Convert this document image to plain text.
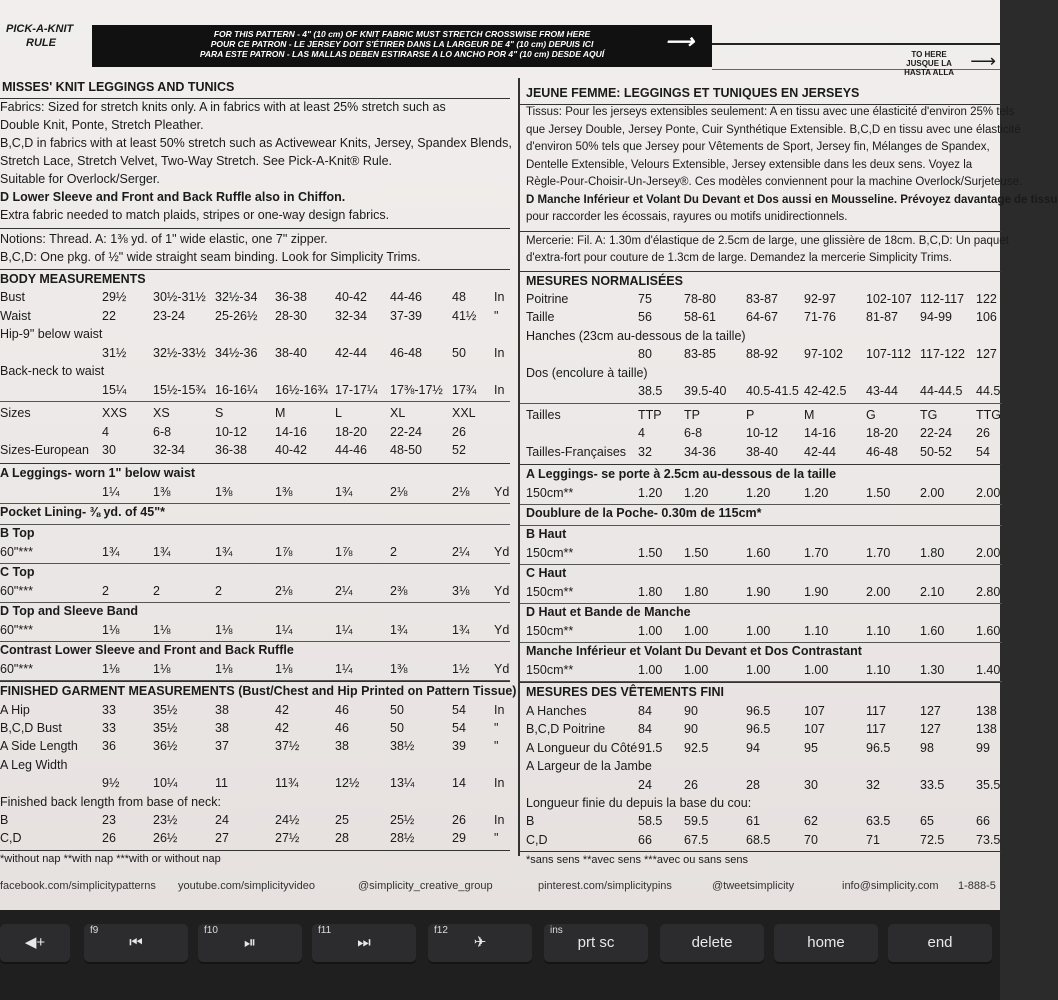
PICK-A-KNIT
RULE
FOR THIS PATTERN - 4" (10 cm) OF KNIT FABRIC MUST STRETCH CROSSWISE FROM HERE
POUR CE PATRON - LE JERSEY DOIT S'ÉTIRER DANS LA LARGEUR DE 4" (10 cm) DEPUIS ICI
PARA ESTE PATRON - LAS MALLAS DEBEN ESTIRARSE A LO ANCHO POR 4" (10 cm) DESDE AQUÍ
⟶
TO HERE
JUSQUE LA
HASTA ALLA
⟶
MISSES' KNIT LEGGINGS AND TUNICS
Fabrics: Sized for stretch knits only. A in fabrics with at least 25% stretch such as
Double Knit, Ponte, Stretch Pleather.
B,C,D in fabrics with at least 50% stretch such as Activewear Knits, Jersey, Spandex Blends,
Stretch Lace, Stretch Velvet, Two-Way Stretch. See Pick-A-Knit® Rule.
Suitable for Overlock/Serger.
D Lower Sleeve and Front and Back Ruffle also in Chiffon.
Extra fabric needed to match plaids, stripes or one-way design fabrics.
Notions: Thread. A: 1⅜ yd. of 1" wide elastic, one 7" zipper.
B,C,D: One pkg. of ½" wide straight seam binding. Look for Simplicity Trims.
BODY MEASUREMENTS
Bust	29½ 30½-31½ 32½-34 36-38 40-42 44-46 48 In
Waist	22	23-24 25-26½ 28-30 32-34 37-39 41½ "
Hip-9" below waist
31½ 32½-33½ 34½-36 38-40 42-44 46-48 50 In
Back-neck to waist
15¼ 15½-15¾ 16-16¼ 16½-16¾ 17-17¼ 17⅜-17½ 17¾ In
Sizes	XXS XS	S	M	L	XL	XXL
4	6-8	10-12 14-16 18-20 22-24 26
Sizes-European 30	32-34 36-38 40-42 44-46 48-50 52
A Leggings- worn 1" below waist
1¼	1⅜	1⅜	1⅜	1¾	2⅛	2⅛ Yd
Pocket Lining- ⅜ yd. of 45"*
B Top
60"***	1¾	1¾	1¾	1⅞	1⅞	2	2¼ Yd
C Top
60"***	2	2	2	2⅛	2¼	2⅜	3⅛ Yd
D Top and Sleeve Band
60"***	1⅛	1⅛	1⅛	1¼	1¼	1¾	1¾ Yd
Contrast Lower Sleeve and Front and Back Ruffle
60"***	1⅛	1⅛	1⅛	1⅛	1¼	1⅜	1½ Yd
FINISHED GARMENT MEASUREMENTS (Bust/Chest and Hip Printed on Pattern Tissue)
A Hip	33	35½	38	42	46	50	54 In
B,C,D Bust	33	35½	38	42	46	50	54 "
A Side Length 36	36½	37	37½	38	38½	39 "
A Leg Width
9½	10¼	11	11¾	12½ 13¼	14 In
Finished back length from base of neck:
B	23	23½	24	24½	25	25½	26 In
C,D	26	26½	27	27½	28	28½	29 "
*without nap **with nap ***with or without nap
JEUNE FEMME: LEGGINGS ET TUNIQUES EN JERSEYS
Tissus: Pour les jerseys extensibles seulement: A en tissu avec une élasticité d'environ 25% tels
que Jersey Double, Jersey Ponte, Cuir Synthétique Extensible. B,C,D en tissu avec une élasticité
d'environ 50% tels que Jersey pour Vêtements de Sport, Jersey fin, Mélanges de Spandex,
Dentelle Extensible, Velours Extensible, Jersey extensible dans les deux sens. Voyez la
Règle-Pour-Choisir-Un-Jersey®. Ces modèles conviennent pour la machine Overlock/Surjeteuse.
D Manche Inférieur et Volant Du Devant et Dos aussi en Mousseline. Prévoyez davantage de tissu
pour raccorder les écossais, rayures ou motifs unidirectionnels.
Mercerie: Fil. A: 1.30m d'élastique de 2.5cm de large, une glissière de 18cm. B,C,D: Un paquet
d'extra-fort pour couture de 1.3cm de large. Demandez la mercerie Simplicity Trims.
MESURES NORMALISÉES
Poitrine	75	78-80 83-87 92-97 102-107 112-117 122
Taille	56	58-61 64-67 71-76 81-87 94-99 106
Hanches (23cm au-dessous de la taille)
80	83-85 88-92 97-102 107-112 117-122 127
Dos (encolure à taille)
38.5 39.5-40 40.5-41.5 42-42.5 43-44 44-44.5 44.5
Tailles	TTP TP	P	M	G	TG	TTG
4	6-8	10-12 14-16 18-20 22-24 26
Tailles-Françaises 32	34-36 38-40 42-44 46-48 50-52 54
A Leggings- se porte à 2.5cm au-dessous de la taille
150cm**	1.20 1.20	1.20	1.20	1.50 2.00	2.00
Doublure de la Poche- 0.30m de 115cm*
B Haut
150cm**	1.50 1.50	1.60	1.70	1.70 1.80	2.00
C Haut
150cm**	1.80 1.80	1.90	1.90	2.00 2.10	2.80
D Haut et Bande de Manche
150cm**	1.00 1.00	1.00	1.10	1.10 1.60	1.60
Manche Inférieur et Volant Du Devant et Dos Contrastant
150cm**	1.00 1.00	1.00	1.00	1.10 1.30	1.40
MESURES DES VÊTEMENTS FINI
A Hanches	84	90	96.5	107	117	127	138
B,C,D Poitrine	84	90	96.5	107	117	127	138
A Longueur du Côté 91.5 92.5	94	95	96.5 98	99
A Largeur de la Jambe
24	26	28	30	32	33.5	35.5
Longueur finie du depuis la base du cou:
B	58.5 59.5	61	62	63.5 65	66
C,D	66	67.5	68.5	70	71	72.5	73.5
*sans sens **avec sens ***avec ou sans sens
facebook.com/simplicitypatterns youtube.com/simplicityvideo	@simplicity_creative_group	pinterest.com/simplicitypins	@tweetsimplicity	info@simplicity.com 1-888-5
◀+
f9
⏮
f10
⏯
f11
⏭
f12
✈
ins
prt sc	delete	home	end
